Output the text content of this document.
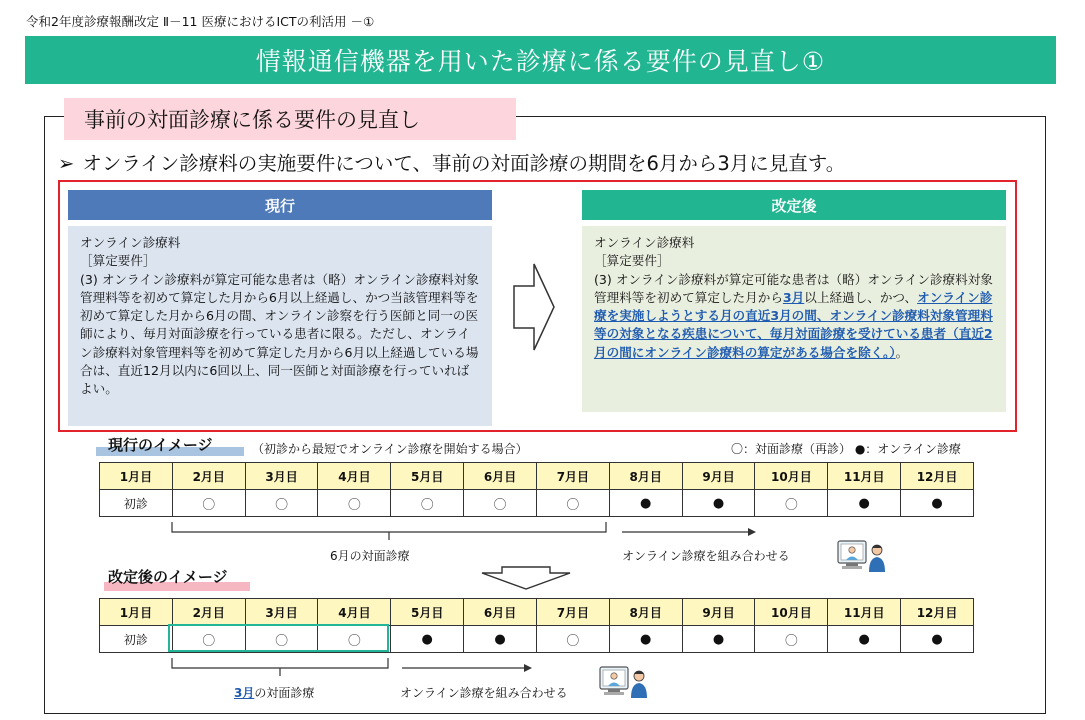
令和2年度診療報酬改定 Ⅱ－11 医療におけるICTの利活用 －①
情報通信機器を用いた診療に係る要件の見直し①
事前の対面診療に係る要件の見直し
➢ オンライン診療料の実施要件について、事前の対面診療の期間を6月から3月に見直す。
現行	改定後
オンライン診療料
［算定要件］
(3) オンライン診療料が算定可能な患者は（略）オンライン診療料対象管理料等を初めて算定した月から6月以上経過し、かつ当該管理料等を初めて算定した月から6月の間、オンライン診察を行う医師と同一の医師により、毎月対面診療を行っている患者に限る。ただし、オンライン診療料対象管理料等を初めて算定した月から6月以上経過している場合は、直近12月以内に6回以上、同一医師と対面診療を行っていればよい。
オンライン診療料
［算定要件］
(3) オンライン診療料が算定可能な患者は（略）オンライン診療料対象管理料等を初めて算定した月から3月以上経過し、かつ、オンライン診療を実施しようとする月の直近3月の間、オンライン診療料対象管理料等の対象となる疾患について、毎月対面診療を受けている患者（直近2月の間にオンライン診療料の算定がある場合を除く。）。
現行のイメージ	（初診から最短でオンライン診療を開始する場合）	〇：対面診療（再診） ●：オンライン診療
1月目	2月目	3月目	4月目	5月目	6月目	7月目	8月目	9月目	10月目	11月目	12月目
初診	〇	〇	〇	〇	〇	〇	●	●	〇	●	●
6月の対面診療	オンライン診療を組み合わせる
改定後のイメージ
1月目	2月目	3月目	4月目	5月目	6月目	7月目	8月目	9月目	10月目	11月目	12月目
初診	〇	〇	〇	●	●	〇	●	●	〇	●	●
3月の対面診療	オンライン診療を組み合わせる
